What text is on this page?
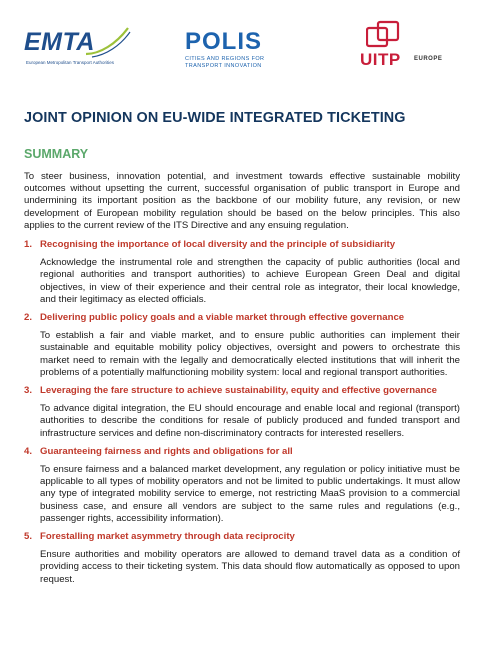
EMTA
European Metropolitan Transport Authorities
POLIS
CITIES AND REGIONS FOR
TRANSPORT INNOVATION	UITP EUROPE
JOINT OPINION ON EU-WIDE INTEGRATED TICKETING
SUMMARY

To steer business, innovation potential, and investment towards effective sustainable mobility outcomes without upsetting the current, successful organisation of public transport in Europe and undermining its important position as the backbone of our mobility future, any revision, or new development of European mobility regulation should be based on the below principles. This also applies to the current review of the ITS Directive and any ensuing regulation.

1. Recognising the importance of local diversity and the principle of subsidiarity

Acknowledge the instrumental role and strengthen the capacity of public authorities (local and regional authorities and transport authorities) to achieve European Green Deal and digital objectives, in view of their experience and their central role as integrator, their local knowledge, and their legitimacy as elected officials.

2. Delivering public policy goals and a viable market through effective governance

To establish a fair and viable market, and to ensure public authorities can implement their sustainable and equitable mobility policy objectives, oversight and powers to orchestrate this market need to remain with the legally and democratically elected institutions that will inherit the problems of a potentially malfunctioning mobility system: local and regional transport authorities.

3. Leveraging the fare structure to achieve sustainability, equity and effective governance

To advance digital integration, the EU should encourage and enable local and regional (transport) authorities to describe the conditions for resale of publicly produced and funded transport and infrastructure services and define non-discriminatory contracts for interested resellers.

4. Guaranteeing fairness and rights and obligations for all

To ensure fairness and a balanced market development, any regulation or policy initiative must be applicable to all types of mobility operators and not be limited to public undertakings. It must allow any type of integrated mobility service to emerge, not restricting MaaS provision to a commercial business case, and ensure all vendors are subject to the same rules and regulations (e.g., passenger rights, accessibility information).

5. Forestalling market asymmetry through data reciprocity

Ensure authorities and mobility operators are allowed to demand travel data as a condition of providing access to their ticketing system. This data should flow automatically as opposed to upon request.
